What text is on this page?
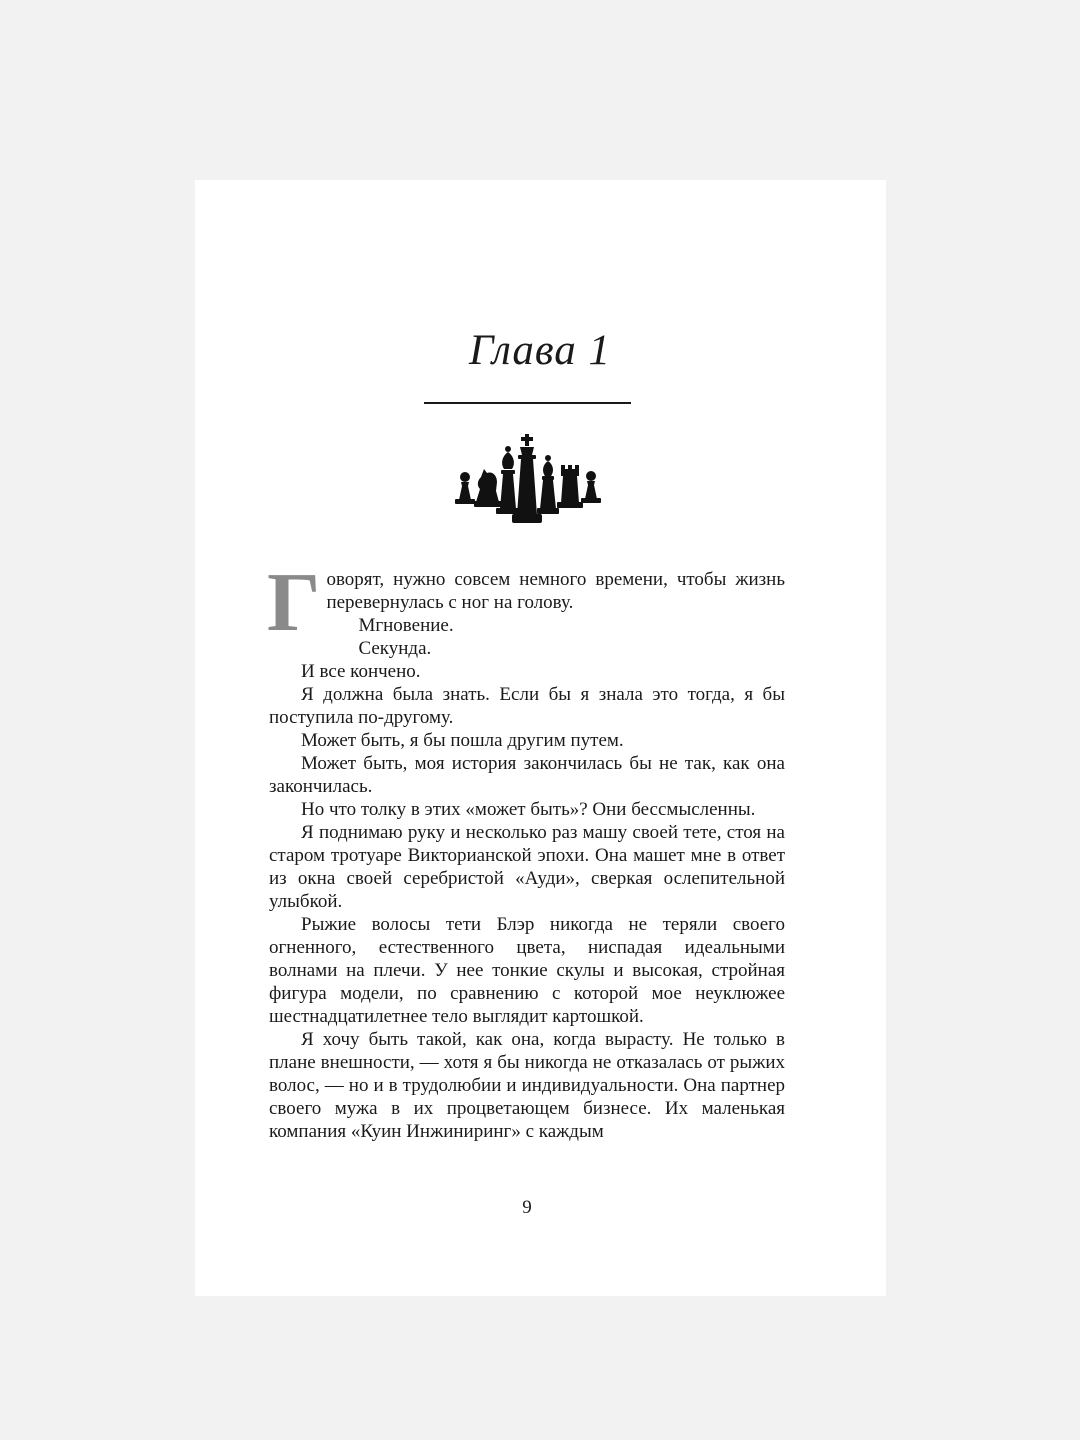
Глава 1

Говорят, нужно совсем немного времени, чтобы жизнь перевернулась с ног на голову.

Мгновение.

Секунда.

И все кончено.

Я должна была знать. Если бы я знала это тогда, я бы поступила по-другому.

Может быть, я бы пошла другим путем.

Может быть, моя история закончилась бы не так, как она закончилась.

Но что толку в этих «может быть»? Они бессмысленны.

Я поднимаю руку и несколько раз машу своей тете, стоя на старом тротуаре Викторианской эпохи. Она машет мне в ответ из окна своей серебристой «Ауди», сверкая ослепительной улыбкой.

Рыжие волосы тети Блэр никогда не теряли своего огненного, естественного цвета, ниспадая идеальными волнами на плечи. У нее тонкие скулы и высокая, стройная фигура модели, по сравнению с которой мое неуклюжее шестнадцатилетнее тело выглядит картошкой.

Я хочу быть такой, как она, когда вырасту. Не только в плане внешности, — хотя я бы никогда не отказалась от рыжих волос, — но и в трудолюбии и индивидуальности. Она партнер своего мужа в их процветающем бизнесе. Их маленькая компания «Куин Инжиниринг» с каждым

9
